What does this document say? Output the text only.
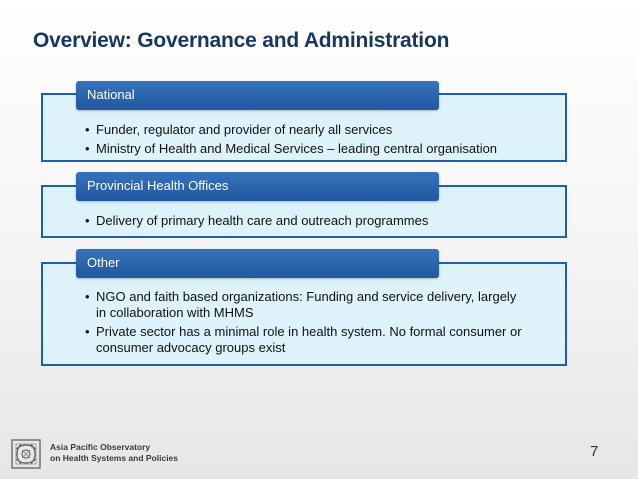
Overview: Governance and Administration
• Funder, regulator and provider of nearly all services
• Ministry of Health and Medical Services – leading central organisation
National
• Delivery of primary health care and outreach programmes
Provincial Health Offices
• NGO and faith based organizations: Funding and service delivery, largely in collaboration with MHMS
• Private sector has a minimal role in health system. No formal consumer or consumer advocacy groups exist
Other
Asia Pacific Observatory
on Health Systems and Policies	7
